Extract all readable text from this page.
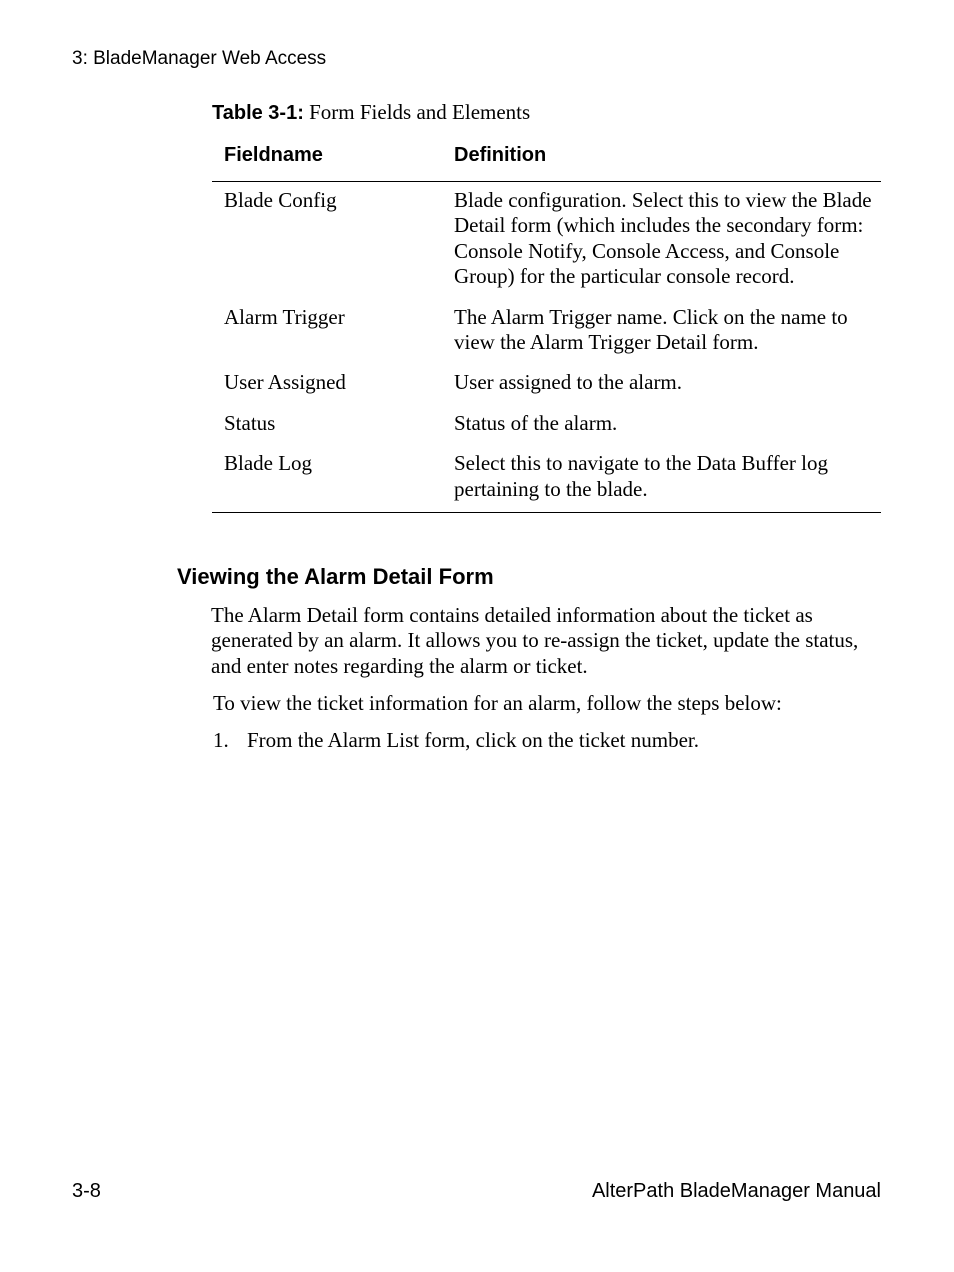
3: BladeManager Web Access
Table 3-1: Form Fields and Elements
Fieldname	Definition
Blade Config	Blade configuration. Select this to view the Blade Detail form (which includes the secondary form: Console Notify, Console Access, and Console Group) for the particular console record.
Alarm Trigger	The Alarm Trigger name. Click on the name to view the Alarm Trigger Detail form.
User Assigned	User assigned to the alarm.
Status	Status of the alarm.
Blade Log	Select this to navigate to the Data Buffer log pertaining to the blade.
Viewing the Alarm Detail Form

The Alarm Detail form contains detailed information about the ticket as generated by an alarm. It allows you to re-assign the ticket, update the status, and enter notes regarding the alarm or ticket.

To view the ticket information for an alarm, follow the steps below:

1. From the Alarm List form, click on the ticket number.
3-8	AlterPath BladeManager Manual
